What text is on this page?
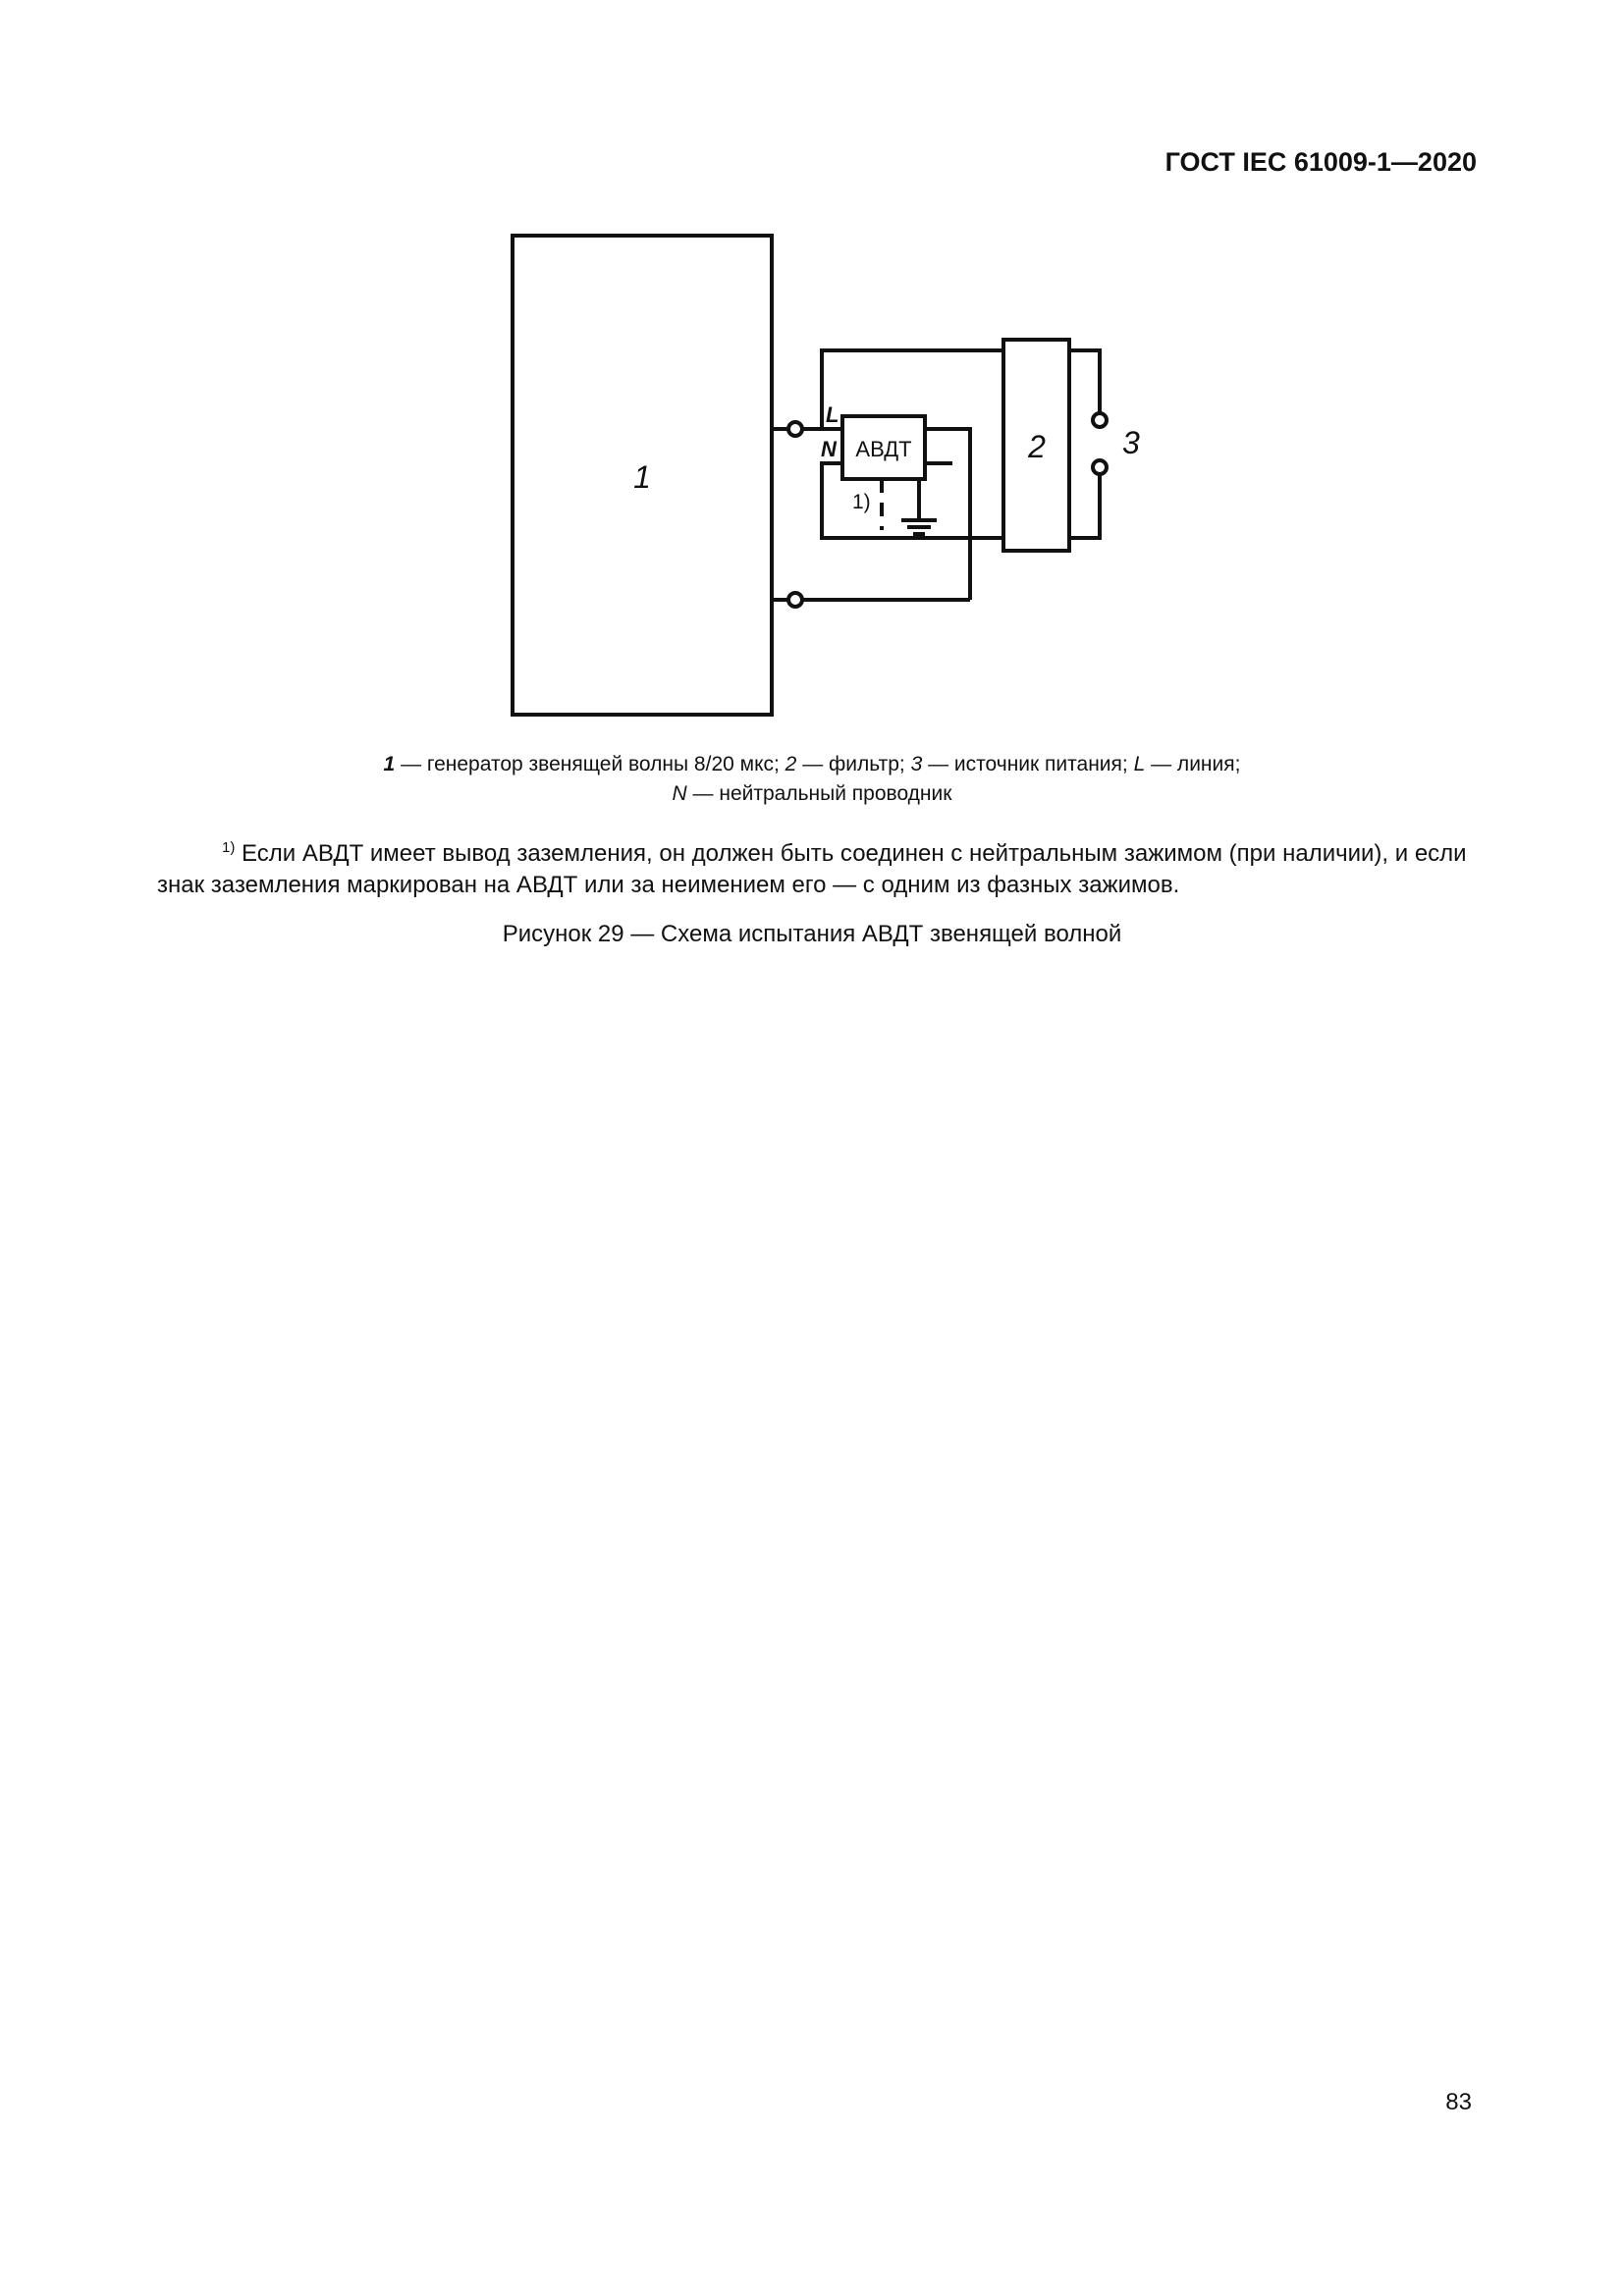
ГОСТ IEC 61009-1—2020
1
2 3
L
N АВДТ
1)
1 — генератор звенящей волны 8/20 мкс; 2 — фильтр; 3 — источник питания; L — линия;
N — нейтральный проводник
$^{1)}$ Если АВДТ имеет вывод заземления, он должен быть соединен с нейтральным зажимом (при наличии), и если знак заземления маркирован на АВДТ или за неимением его — с одним из фазных зажимов.
Рисунок 29 — Схема испытания АВДТ звенящей волной
83
